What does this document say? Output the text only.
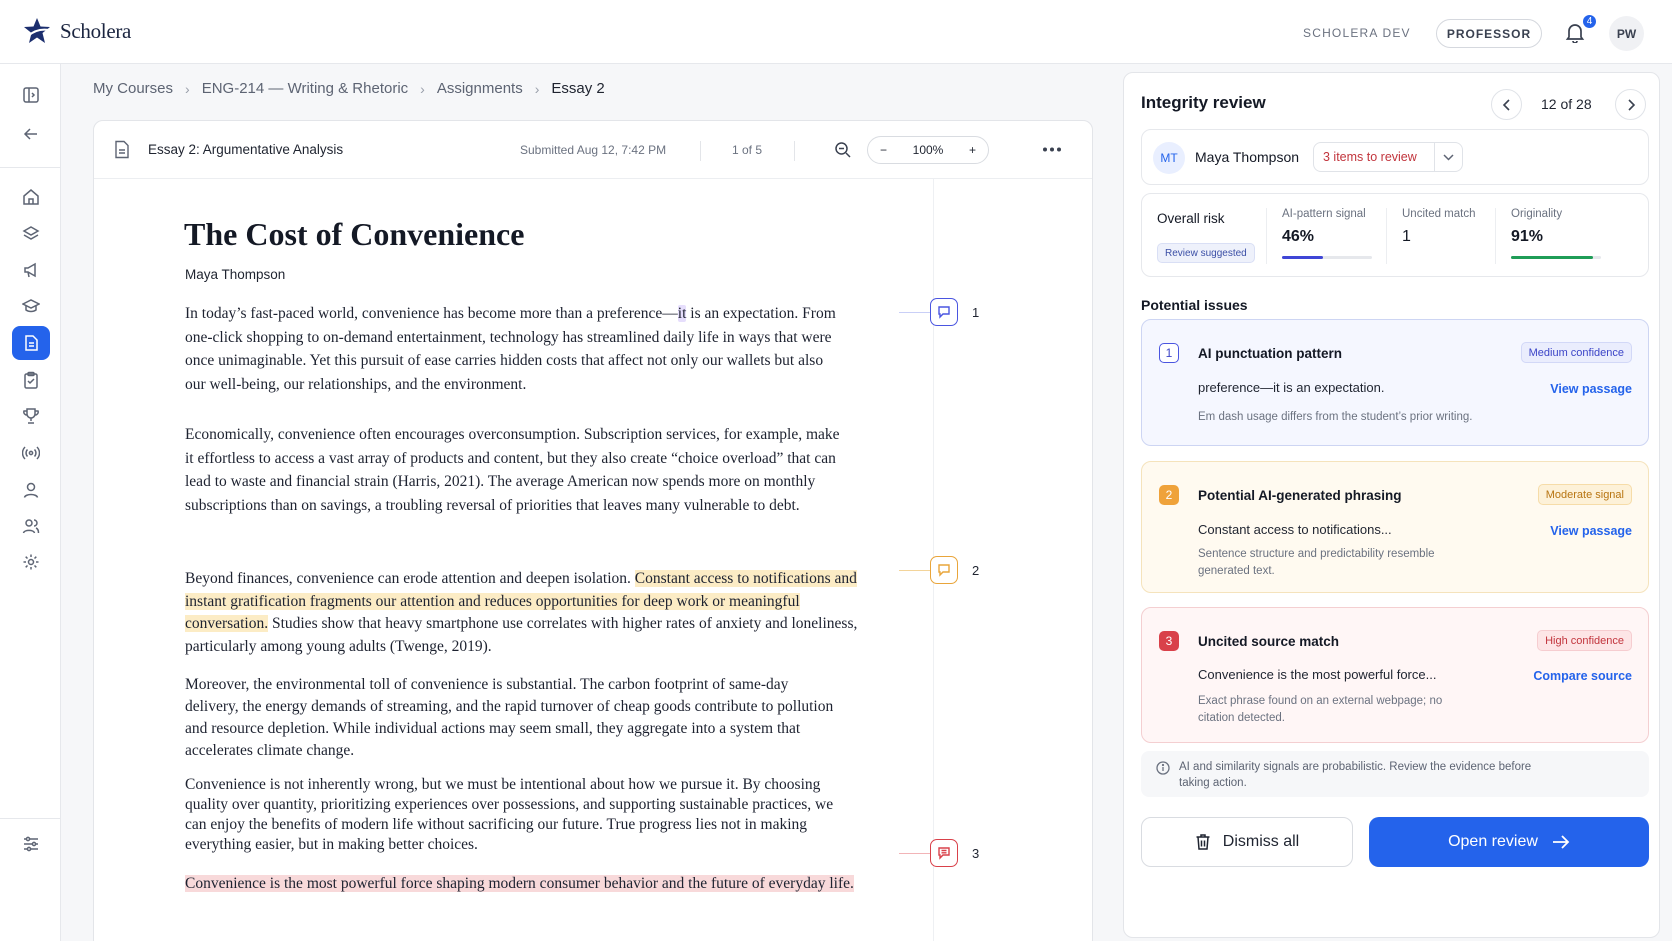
Scholera	SCHOLERA DEV	PROFESSOR
4
PW
My Courses › ENG-214 — Writing & Rhetoric › Assignments › Essay 2
Essay 2: Argumentative Analysis	Submitted Aug 12, 7:42 PM	1 of 5	− 100% +
The Cost of Convenience
Maya Thompson

In today’s fast-paced world, convenience has become more than a preference—it is an expectation. From one-click shopping to on-demand entertainment, technology has streamlined daily life in ways that were once unimaginable. Yet this pursuit of ease carries hidden costs that affect not only our wallets but also our well-being, our relationships, and the environment.

Economically, convenience often encourages overconsumption. Subscription services, for example, make it effortless to access a vast array of products and content, but they also create “choice overload” that can lead to waste and financial strain (Harris, 2021). The average American now spends more on monthly subscriptions than on savings, a troubling reversal of priorities that leaves many vulnerable to debt.

Beyond finances, convenience can erode attention and deepen isolation. Constant access to notifications and instant gratification fragments our attention and reduces opportunities for deep work or meaningful conversation. Studies show that heavy smartphone use correlates with higher rates of anxiety and loneliness, particularly among young adults (Twenge, 2019).

Moreover, the environmental toll of convenience is substantial. The carbon footprint of same-day delivery, the energy demands of streaming, and the rapid turnover of cheap goods contribute to pollution and resource depletion. While individual actions may seem small, they aggregate into a system that accelerates climate change.

Convenience is not inherently wrong, but we must be intentional about how we pursue it. By choosing quality over quantity, prioritizing experiences over possessions, and supporting sustainable practices, we can enjoy the benefits of modern life without sacrificing our future. True progress lies not in making everything easier, but in making better choices.

Convenience is the most powerful force shaping modern consumer behavior and the future of everyday life.

1
2
3
Integrity review	12 of 28
MT	Maya Thompson 3 items to review
Overall risk
Review suggested
AI-pattern signal
46%
Uncited match
1
Originality
91%
Potential issues
1	AI punctuation pattern	Medium confidence
preference—it is an expectation.	View passage
Em dash usage differs from the student’s prior writing.
2	Potential AI-generated phrasing	Moderate signal
Constant access to notifications...	View passage
Sentence structure and predictability resemble generated text.
3	Uncited source match	High confidence
Convenience is the most powerful force...	Compare source
Exact phrase found on an external webpage; no citation detected.
AI and similarity signals are probabilistic. Review the evidence before taking action.
Dismiss all	Open review
